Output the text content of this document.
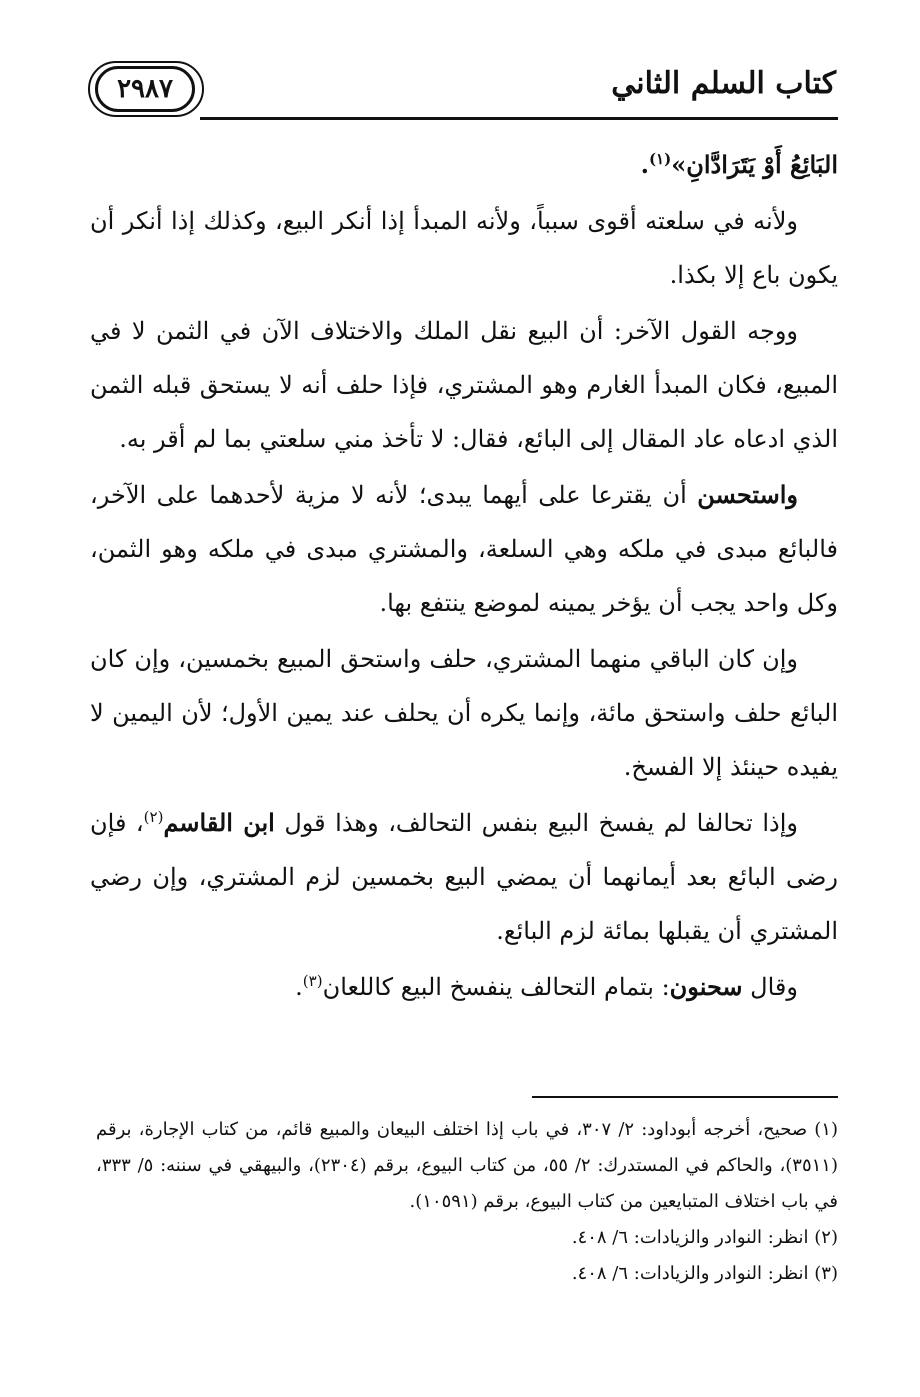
٢٩٨٧	كتاب السلم الثاني

البَائِعُ أَوْ يَتَرَادَّانِ»$^{(١)}$.

ولأنه في سلعته أقوى سبباً، ولأنه المبدأ إذا أنكر البيع، وكذلك إذا أنكر أن يكون باع إلا بكذا.

ووجه القول الآخر: أن البيع نقل الملك والاختلاف الآن في الثمن لا في المبيع، فكان المبدأ الغارم وهو المشتري، فإذا حلف أنه لا يستحق قبله الثمن الذي ادعاه عاد المقال إلى البائع، فقال: لا تأخذ مني سلعتي بما لم أقر به.

واستحسن أن يقترعا على أيهما يبدى؛ لأنه لا مزية لأحدهما على الآخر، فالبائع مبدى في ملكه وهي السلعة، والمشتري مبدى في ملكه وهو الثمن، وكل واحد يجب أن يؤخر يمينه لموضع ينتفع بها.

وإن كان الباقي منهما المشتري، حلف واستحق المبيع بخمسين، وإن كان البائع حلف واستحق مائة، وإنما يكره أن يحلف عند يمين الأول؛ لأن اليمين لا يفيده حينئذ إلا الفسخ.

وإذا تحالفا لم يفسخ البيع بنفس التحالف، وهذا قول ابن القاسم$^{(٢)}$، فإن رضى البائع بعد أيمانهما أن يمضي البيع بخمسين لزم المشتري، وإن رضي المشتري أن يقبلها بمائة لزم البائع.

وقال سحنون: بتمام التحالف ينفسخ البيع كاللعان$^{(٣)}$.

(١) صحيح، أخرجه أبوداود: ٢/ ٣٠٧، في باب إذا اختلف البيعان والمبيع قائم، من كتاب الإجارة، برقم (٣٥١١)، والحاكم في المستدرك: ٢/ ٥٥، من كتاب البيوع، برقم (٢٣٠٤)، والبيهقي في سننه: ٥/ ٣٣٣، في باب اختلاف المتبايعين من كتاب البيوع، برقم (١٠٥٩١).

(٢) انظر: النوادر والزيادات: ٦/ ٤٠٨.

(٣) انظر: النوادر والزيادات: ٦/ ٤٠٨.
